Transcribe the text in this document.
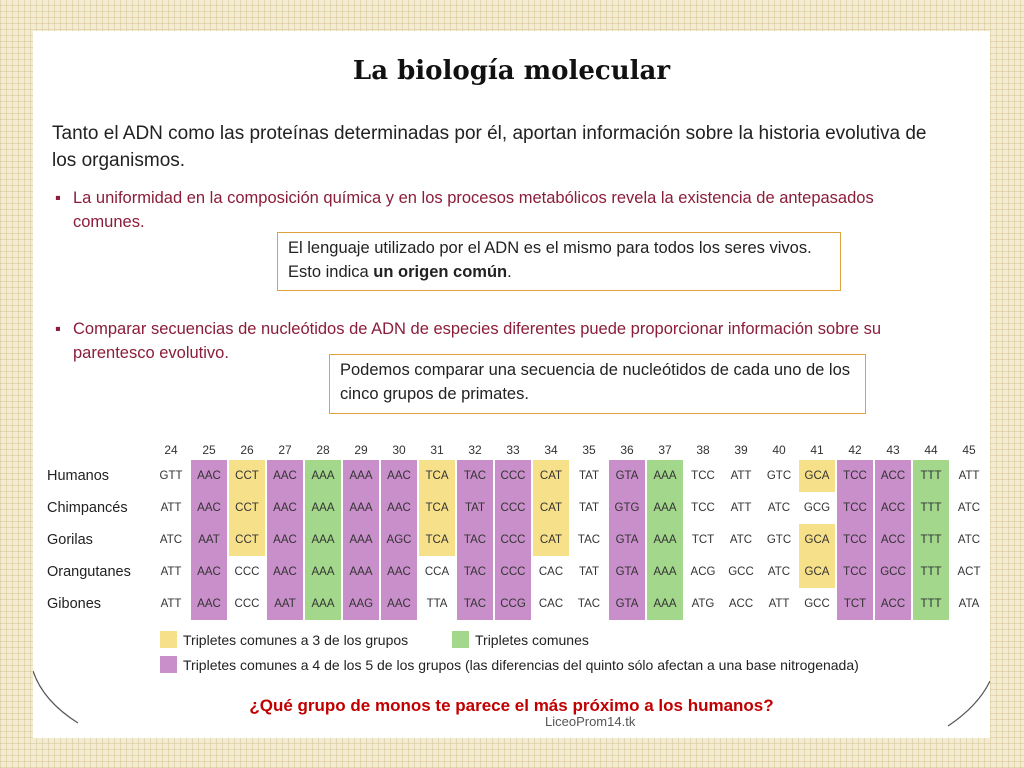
La biología molecular
Tanto el ADN como las proteínas determinadas por él, aportan información sobre la historia evolutiva de los organismos.
▪ La uniformidad en la composición química y en los procesos metabólicos revela la existencia de antepasados comunes.
El lenguaje utilizado por el ADN es el mismo para todos los seres vivos. Esto indica un origen común.
▪ Comparar secuencias de nucleótidos de ADN de especies diferentes puede proporcionar información sobre su parentesco evolutivo.
Podemos comparar una secuencia de nucleótidos de cada uno de los cinco grupos de primates.
	24	25	26	27	28	29	30	31	32	33	34	35	36	37	38	39	40	41	42	43	44	45
Humanos	GTT	AAC	CCT	AAC	AAA	AAA	AAC	TCA	TAC	CCC	CAT	TAT	GTA	AAA	TCC	ATT	GTC	GCA	TCC	ACC	TTT	ATT
Chimpancés	ATT	AAC	CCT	AAC	AAA	AAA	AAC	TCA	TAT	CCC	CAT	TAT	GTG	AAA	TCC	ATT	ATC	GCG	TCC	ACC	TTT	ATC
Gorilas	ATC	AAT	CCT	AAC	AAA	AAA	AGC	TCA	TAC	CCC	CAT	TAC	GTA	AAA	TCT	ATC	GTC	GCA	TCC	ACC	TTT	ATC
Orangutanes	ATT	AAC	CCC	AAC	AAA	AAA	AAC	CCA	TAC	CCC	CAC	TAT	GTA	AAA	ACG	GCC	ATC	GCA	TCC	GCC	TTT	ACT
Gibones	ATT	AAC	CCC	AAT	AAA	AAG	AAC	TTA	TAC	CCG	CAC	TAC	GTA	AAA	ATG	ACC	ATT	GCC	TCT	ACC	TTT	ATA
Tripletes comunes a 3 de los grupos	Tripletes comunes
Tripletes comunes a 4 de los 5 de los grupos (las diferencias del quinto sólo afectan a una base nitrogenada)
¿Qué grupo de monos te parece el más próximo a los humanos?
LiceoProm14.tk
